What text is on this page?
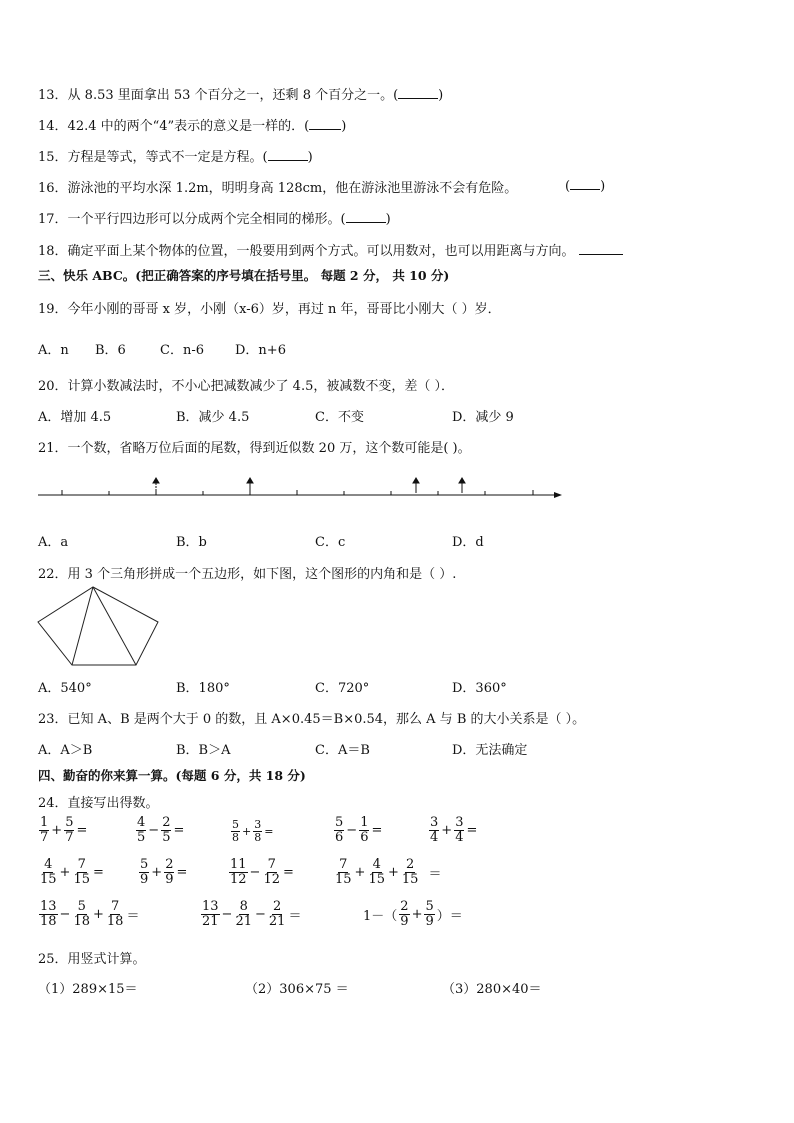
13．从 8.53 里面拿出 53 个百分之一，还剩 8 个百分之一。(	)
14．42.4 中的两个“4”表示的意义是一样的．( )
15．方程是等式，等式不一定是方程。(	)
16．游泳池的平均水深 1.2m，明明身高 128cm，他在游泳池里游泳不会有危险。	( )
17．一个平行四边形可以分成两个完全相同的梯形。(	)
18．确定平面上某个物体的位置，一般要用到两个方式。可以用数对，也可以用距离与方向。
三、快乐 ABC。(把正确答案的序号填在括号里。 每题 2 分， 共 10 分)
19．今年小刚的哥哥 x 岁，小刚（x-6）岁，再过 n 年，哥哥比小刚大（ ）岁．
A．n B．6	C．n-6 D．n+6
20．计算小数减法时，不小心把减数减少了 4.5，被减数不变，差（ ）．
A．增加 4.5	B．减少 4.5	C．不变	D．减少 9
21．一个数，省略万位后面的尾数，得到近似数 20 万，这个数可能是( )。
A．a	B．b	C．c	D．d
22．用 3 个三角形拼成一个五边形，如下图，这个图形的内角和是（ ）.
A．540°	B．180°	C．720°	D．360°
23．已知 A、B 是两个大于 0 的数，且 A×0.45＝B×0.54，那么 A 与 B 的大小关系是（ ）。
A．A＞B	B．B＞A	C．A＝B	D．无法确定
四、勤奋的你来算一算。(每题 6 分，共 18 分)
24．直接写出得数。
$\frac{1}{7} + \frac{5}{7}$ =	$\frac{4}{5} - \frac{2}{5}$ =	$\frac{5}{8} + \frac{3}{8}$ =	$\frac{5}{6} - \frac{1}{6}$ =	$\frac{3}{4} + \frac{3}{4}$ =
$\frac{4}{15} + \frac{7}{15}$ =	$\frac{5}{9} + \frac{2}{9}$ =	$\frac{11}{12} - \frac{7}{12}$ =	$\frac{7}{15} + \frac{4}{15} + \frac{2}{15}$ ＝
$\frac{13}{18} - \frac{5}{18} + \frac{7}{18}$ ＝	$\frac{13}{21} - \frac{8}{21} - \frac{2}{21}$ ＝	$1-( \frac{2}{9} + \frac{5}{9}$ ）＝
25．用竖式计算。
（1）289×15＝	（2）306×75 ＝	（3）280×40＝
